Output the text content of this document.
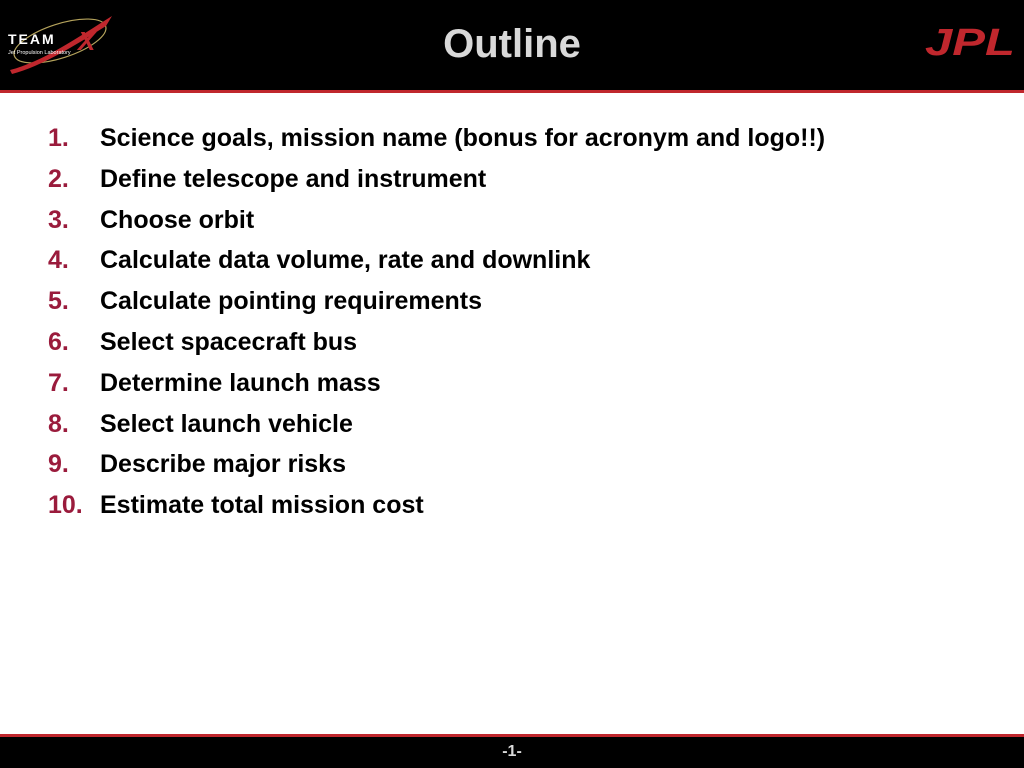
TEAM X
Jet Propulsion Laboratory	Outline	JPL
1.	Science goals, mission name (bonus for acronym and logo!!)
2.	Define telescope and instrument
3.	Choose orbit
4.	Calculate data volume, rate and downlink
5.	Calculate pointing requirements
6.	Select spacecraft bus
7.	Determine launch mass
8.	Select launch vehicle
9.	Describe major risks
10. Estimate total mission cost
-1-
